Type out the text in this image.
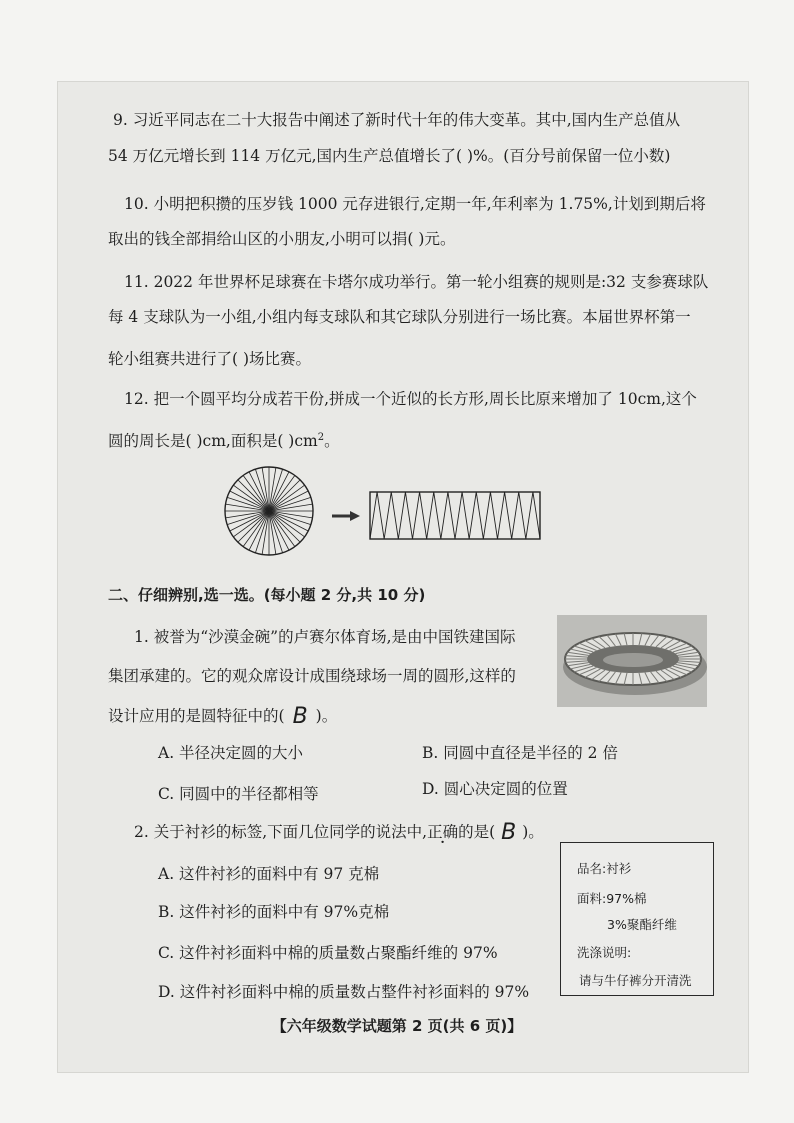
9. 习近平同志在二十大报告中阐述了新时代十年的伟大变革。其中,国内生产总值从
54 万亿元增长到 114 万亿元,国内生产总值增长了( )%。(百分号前保留一位小数)
10. 小明把积攒的压岁钱 1000 元存进银行,定期一年,年利率为 1.75%,计划到期后将
取出的钱全部捐给山区的小朋友,小明可以捐( )元。
11. 2022 年世界杯足球赛在卡塔尔成功举行。第一轮小组赛的规则是:32 支参赛球队
每 4 支球队为一小组,小组内每支球队和其它球队分别进行一场比赛。本届世界杯第一
轮小组赛共进行了( )场比赛。
12. 把一个圆平均分成若干份,拼成一个近似的长方形,周长比原来增加了 10cm,这个
圆的周长是( )cm,面积是( )$cm^2$。
二、仔细辨别,选一选。(每小题 2 分,共 10 分)
1. 被誉为“沙漠金碗”的卢赛尔体育场,是由中国铁建国际
集团承建的。它的观众席设计成围绕球场一周的圆形,这样的
设计应用的是圆特征中的( B )。
A. 半径决定圆的大小	B. 同圆中直径是半径的 2 倍
C. 同圆中的半径都相等	D. 圆心决定圆的位置
2. 关于衬衫的标签,下面几位同学的说法中,正确的是( B )。
A. 这件衬衫的面料中有 97 克棉
B. 这件衬衫的面料中有 97%克棉
C. 这件衬衫面料中棉的质量数占聚酯纤维的 97%
D. 这件衬衫面料中棉的质量数占整件衬衫面料的 97%
品名:衬衫
面料:97%棉
3%聚酯纤维
洗涤说明:
请与牛仔裤分开清洗
【六年级数学试题第 2 页(共 6 页)】
